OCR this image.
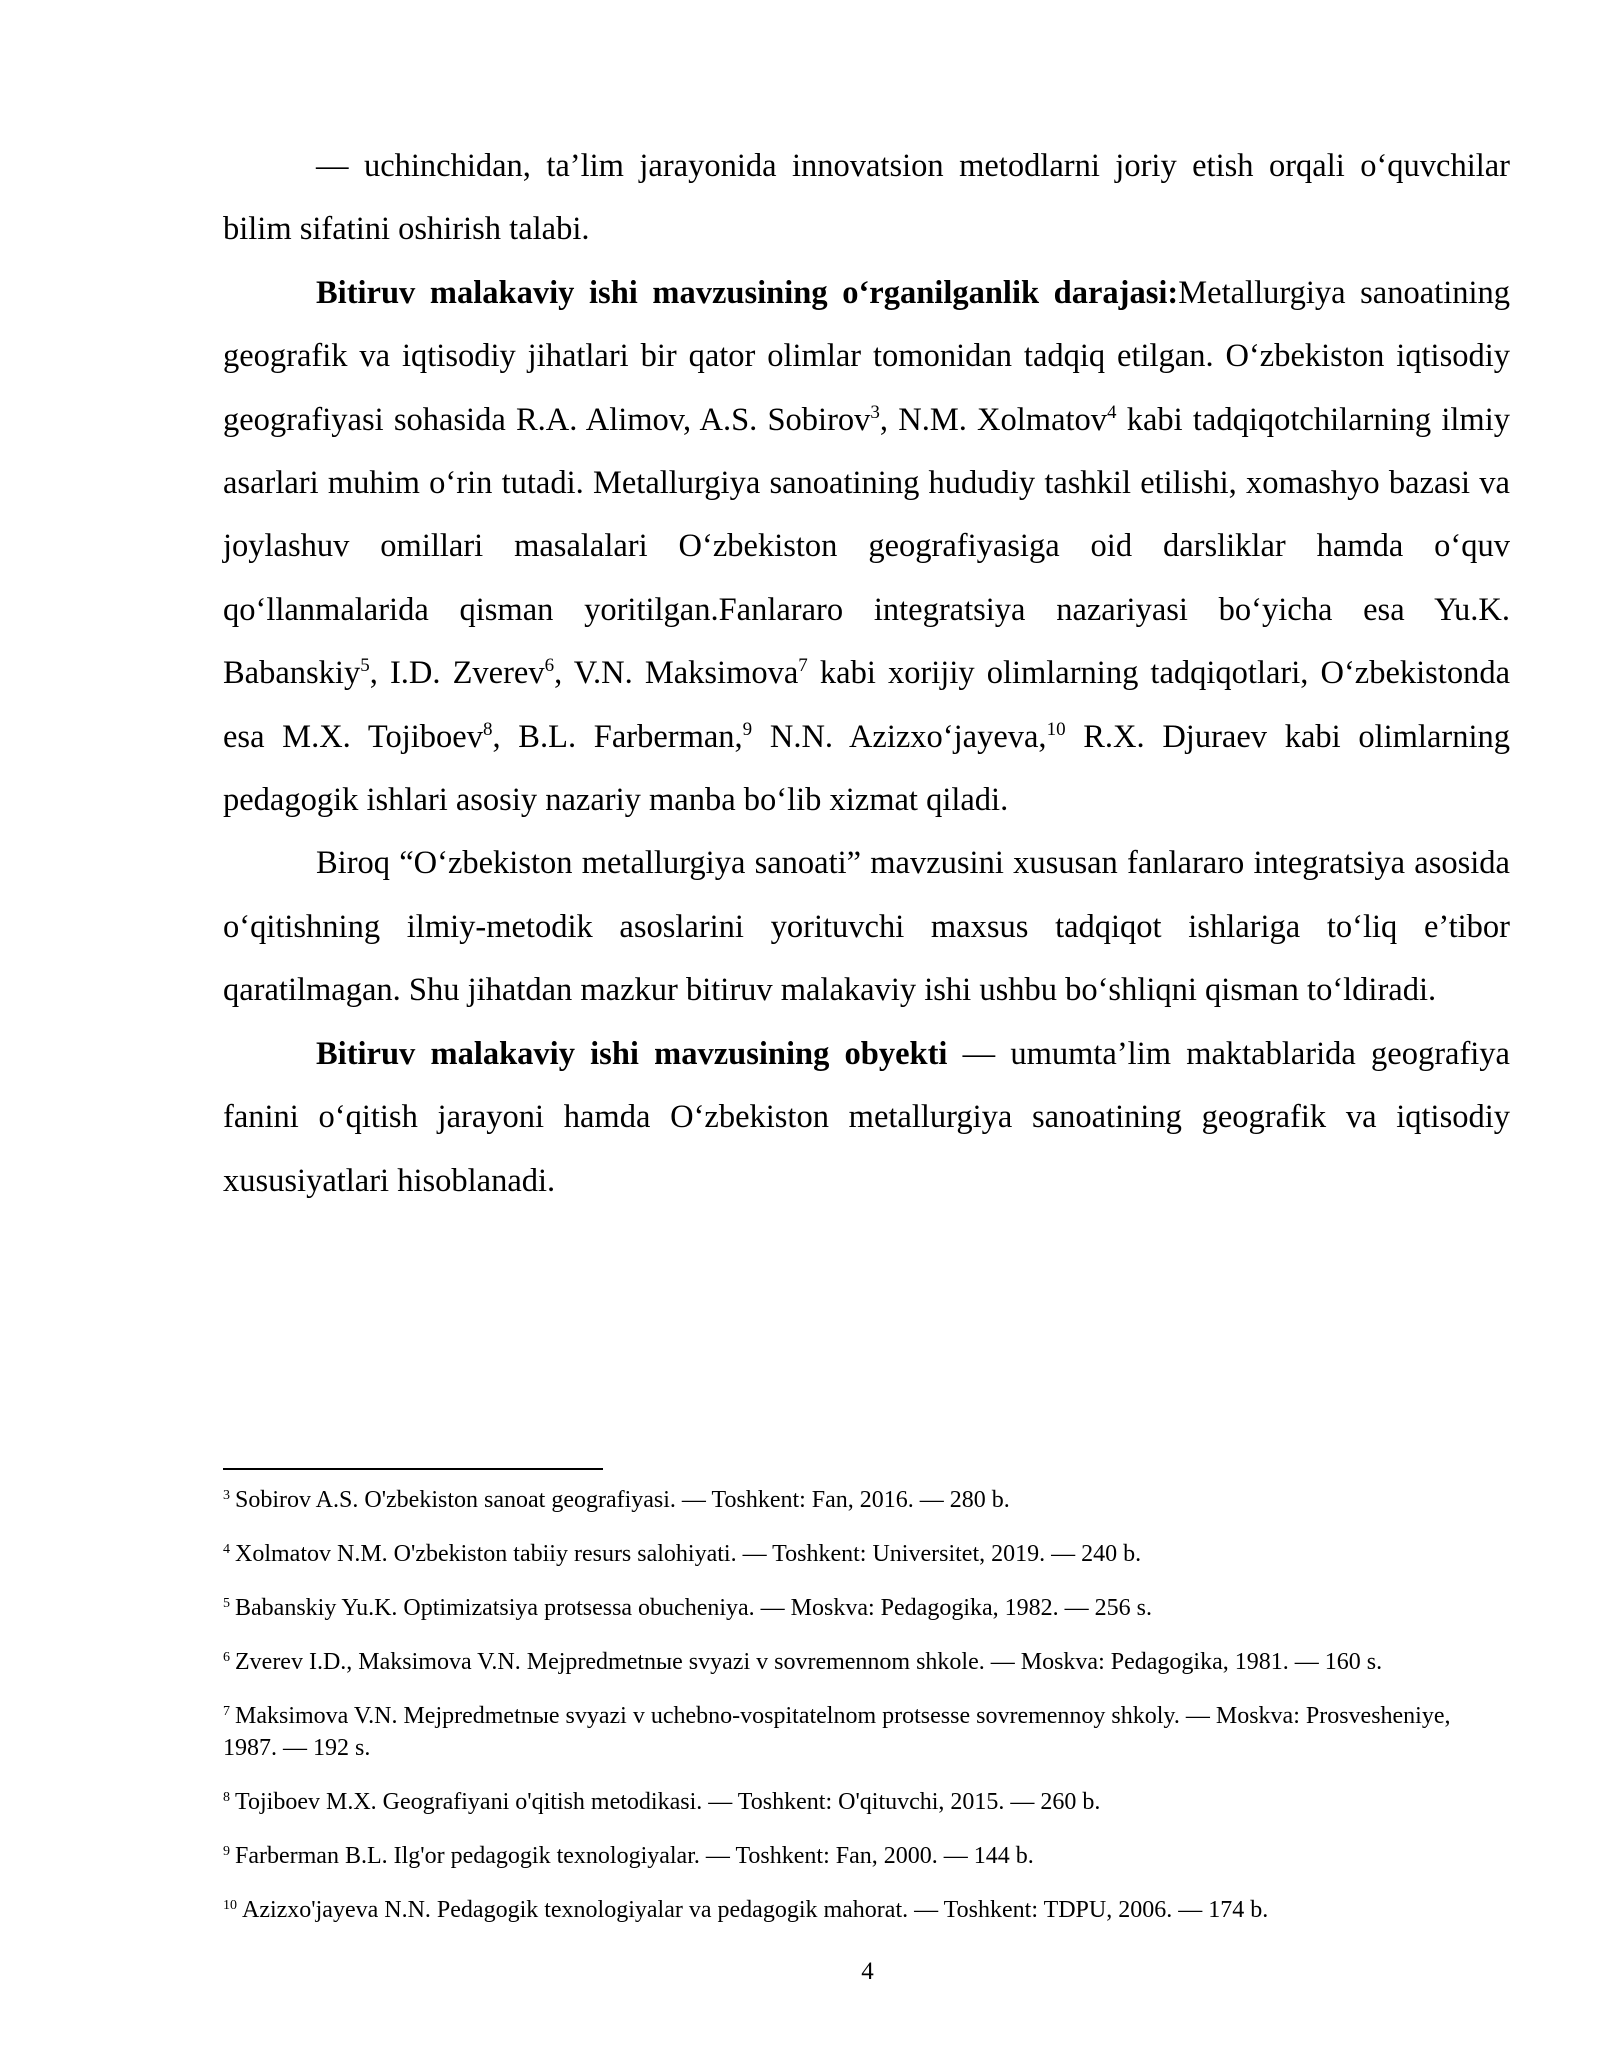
— uchinchidan, ta’lim jarayonida innovatsion metodlarni joriy etish orqali o‘quvchilar bilim sifatini oshirish talabi.

Bitiruv malakaviy ishi mavzusining o‘rganilganlik darajasi:Metallurgiya sanoatining geografik va iqtisodiy jihatlari bir qator olimlar tomonidan tadqiq etilgan. O‘zbekiston iqtisodiy geografiyasi sohasida R.A. Alimov, A.S. Sobirov$^3$, N.M. Xolmatov$^4$ kabi tadqiqotchilarning ilmiy asarlari muhim o‘rin tutadi. Metallurgiya sanoatining hududiy tashkil etilishi, xomashyo bazasi va joylashuv omillari masalalari O‘zbekiston geografiyasiga oid darsliklar hamda o‘quv qo‘llanmalarida qisman yoritilgan.Fanlararo integratsiya nazariyasi bo‘yicha esa Yu.K. Babanskiy$^5$, I.D. Zverev$^6$, V.N. Maksimova$^7$ kabi xorijiy olimlarning tadqiqotlari, O‘zbekistonda esa M.X. Tojiboev$^8$, B.L. Farberman,$^9$ N.N. Azizxo‘jayeva,$^{10}$ R.X. Djuraev kabi olimlarning pedagogik ishlari asosiy nazariy manba bo‘lib xizmat qiladi.

Biroq “O‘zbekiston metallurgiya sanoati” mavzusini xususan fanlararo integratsiya asosida o‘qitishning ilmiy-metodik asoslarini yorituvchi maxsus tadqiqot ishlariga to‘liq e’tibor qaratilmagan. Shu jihatdan mazkur bitiruv malakaviy ishi ushbu bo‘shliqni qisman to‘ldiradi.

Bitiruv malakaviy ishi mavzusining obyekti — umumta’lim maktablarida geografiya fanini o‘qitish jarayoni hamda O‘zbekiston metallurgiya sanoatining geografik va iqtisodiy xususiyatlari hisoblanadi.

$^3$ Sobirov A.S. O'zbekiston sanoat geografiyasi. — Toshkent: Fan, 2016. — 280 b.

$^4$ Xolmatov N.M. O'zbekiston tabiiy resurs salohiyati. — Toshkent: Universitet, 2019. — 240 b.

$^5$ Babanskiy Yu.K. Optimizatsiya protsessa obucheniya. — Moskva: Pedagogika, 1982. — 256 s.

$^6$ Zverev I.D., Maksimova V.N. Mejpredmetnые svyazi v sovremennom shkole. — Moskva: Pedagogika, 1981. — 160 s.

$^7$ Maksimova V.N. Mejpredmetnые svyazi v uchebno-vospitatelnom protsesse sovremennoy shkoly. — Moskva: Prosvesheniye, 1987. — 192 s.

$^8$ Tojiboev M.X. Geografiyani o'qitish metodikasi. — Toshkent: O'qituvchi, 2015. — 260 b.

$^9$ Farberman B.L. Ilg'or pedagogik texnologiyalar. — Toshkent: Fan, 2000. — 144 b.

$^{10}$ Azizxo'jayeva N.N. Pedagogik texnologiyalar va pedagogik mahorat. — Toshkent: TDPU, 2006. — 174 b.

4
